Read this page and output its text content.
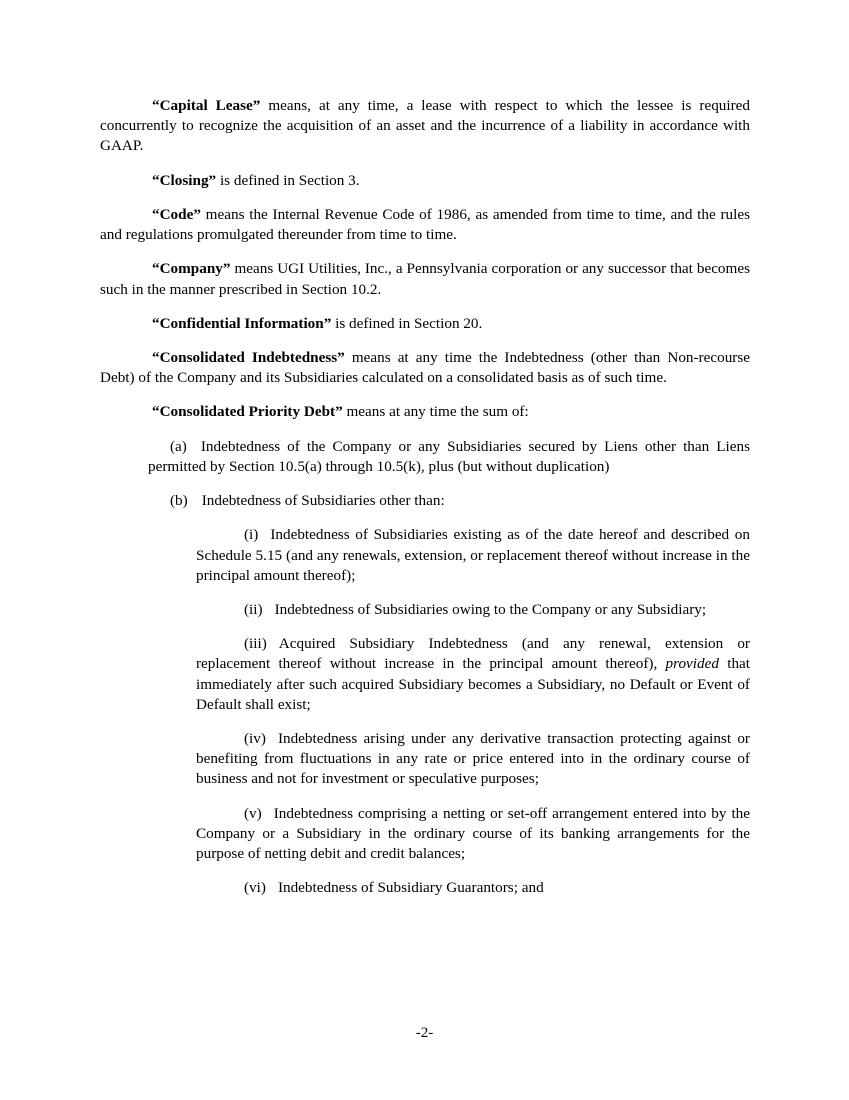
“Capital Lease” means, at any time, a lease with respect to which the lessee is required concurrently to recognize the acquisition of an asset and the incurrence of a liability in accordance with GAAP.

“Closing” is defined in Section 3.

“Code” means the Internal Revenue Code of 1986, as amended from time to time, and the rules and regulations promulgated thereunder from time to time.

“Company” means UGI Utilities, Inc., a Pennsylvania corporation or any successor that becomes such in the manner prescribed in Section 10.2.

“Confidential Information” is defined in Section 20.

“Consolidated Indebtedness” means at any time the Indebtedness (other than Non-recourse Debt) of the Company and its Subsidiaries calculated on a consolidated basis as of such time.

“Consolidated Priority Debt” means at any time the sum of:

(a) Indebtedness of the Company or any Subsidiaries secured by Liens other than Liens permitted by Section 10.5(a) through 10.5(k), plus (but without duplication)

(b) Indebtedness of Subsidiaries other than:

(i) Indebtedness of Subsidiaries existing as of the date hereof and described on Schedule 5.15 (and any renewals, extension, or replacement thereof without increase in the principal amount thereof);

(ii) Indebtedness of Subsidiaries owing to the Company or any Subsidiary;

(iii) Acquired Subsidiary Indebtedness (and any renewal, extension or replacement thereof without increase in the principal amount thereof), provided that immediately after such acquired Subsidiary becomes a Subsidiary, no Default or Event of Default shall exist;

(iv) Indebtedness arising under any derivative transaction protecting against or benefiting from fluctuations in any rate or price entered into in the ordinary course of business and not for investment or speculative purposes;

(v) Indebtedness comprising a netting or set-off arrangement entered into by the Company or a Subsidiary in the ordinary course of its banking arrangements for the purpose of netting debit and credit balances;

(vi) Indebtedness of Subsidiary Guarantors; and

-2-
